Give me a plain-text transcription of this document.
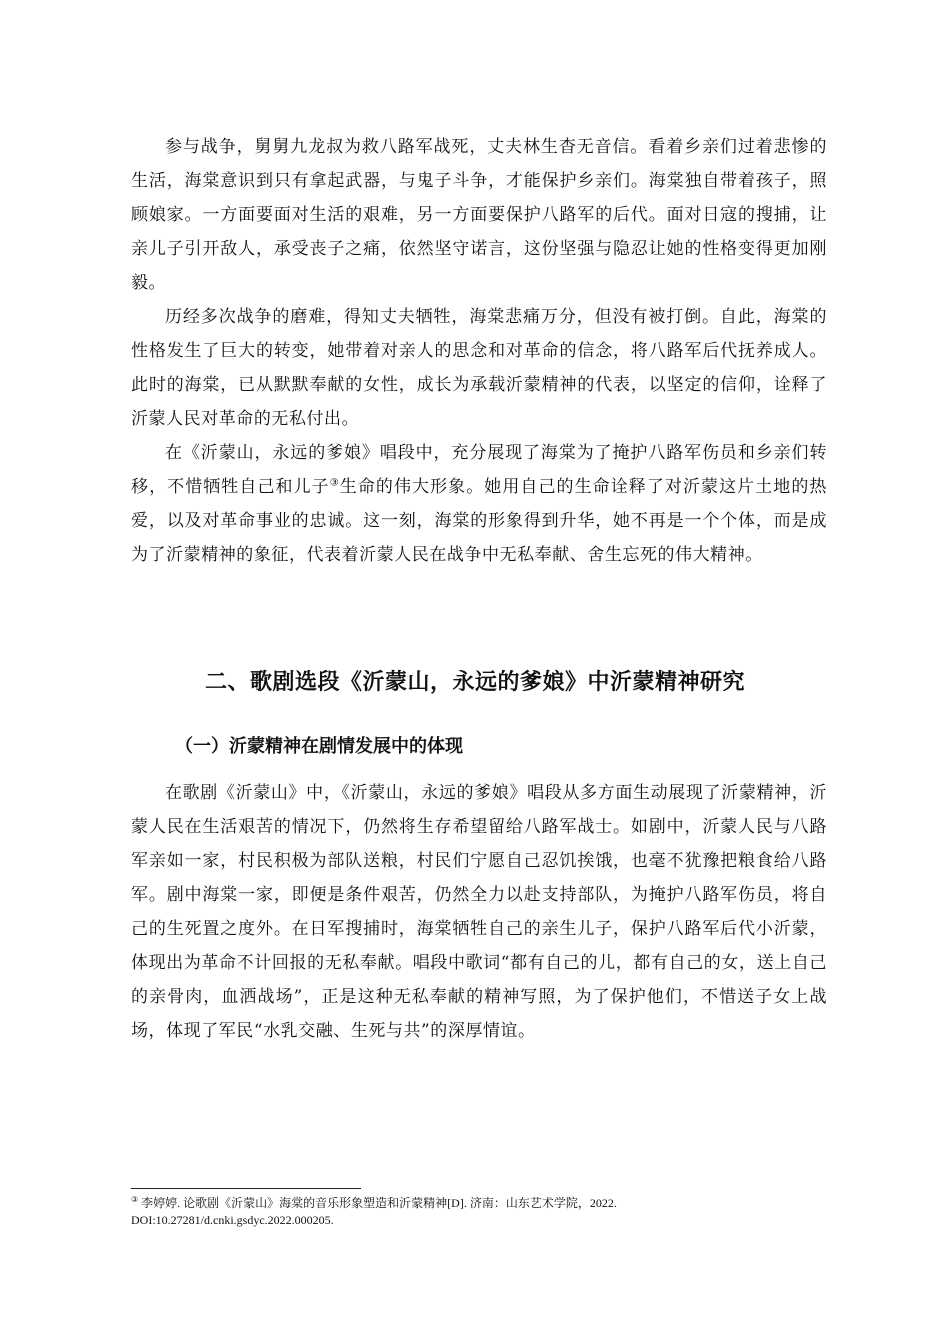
参与战争，舅舅九龙叔为救八路军战死，丈夫林生杳无音信。看着乡亲们过着悲惨的生活，海棠意识到只有拿起武器，与鬼子斗争，才能保护乡亲们。海棠独自带着孩子，照顾娘家。一方面要面对生活的艰难，另一方面要保护八路军的后代。面对日寇的搜捕，让亲儿子引开敌人，承受丧子之痛，依然坚守诺言，这份坚强与隐忍让她的性格变得更加刚毅。

历经多次战争的磨难，得知丈夫牺牲，海棠悲痛万分，但没有被打倒。自此，海棠的性格发生了巨大的转变，她带着对亲人的思念和对革命的信念，将八路军后代抚养成人。此时的海棠，已从默默奉献的女性，成长为承载沂蒙精神的代表，以坚定的信仰，诠释了沂蒙人民对革命的无私付出。

在《沂蒙山，永远的爹娘》唱段中，充分展现了海棠为了掩护八路军伤员和乡亲们转移，不惜牺牲自己和儿子③生命的伟大形象。她用自己的生命诠释了对沂蒙这片土地的热爱，以及对革命事业的忠诚。这一刻，海棠的形象得到升华，她不再是一个个体，而是成为了沂蒙精神的象征，代表着沂蒙人民在战争中无私奉献、舍生忘死的伟大精神。

二、歌剧选段《沂蒙山，永远的爹娘》中沂蒙精神研究
（一）沂蒙精神在剧情发展中的体现

在歌剧《沂蒙山》中，《沂蒙山，永远的爹娘》唱段从多方面生动展现了沂蒙精神，沂蒙人民在生活艰苦的情况下，仍然将生存希望留给八路军战士。如剧中，沂蒙人民与八路军亲如一家，村民积极为部队送粮，村民们宁愿自己忍饥挨饿，也毫不犹豫把粮食给八路军。剧中海棠一家，即便是条件艰苦，仍然全力以赴支持部队，为掩护八路军伤员，将自己的生死置之度外。在日军搜捕时，海棠牺牲自己的亲生儿子，保护八路军后代小沂蒙，体现出为革命不计回报的无私奉献。唱段中歌词“都有自己的儿，都有自己的女，送上自己的亲骨肉，血洒战场”，正是这种无私奉献的精神写照，为了保护他们，不惜送子女上战场，体现了军民“水乳交融、生死与共”的深厚情谊。

③ 李婷婷. 论歌剧《沂蒙山》海棠的音乐形象塑造和沂蒙精神[D]. 济南：山东艺术学院，2022.
DOI:10.27281/d.cnki.gsdyc.2022.000205.
